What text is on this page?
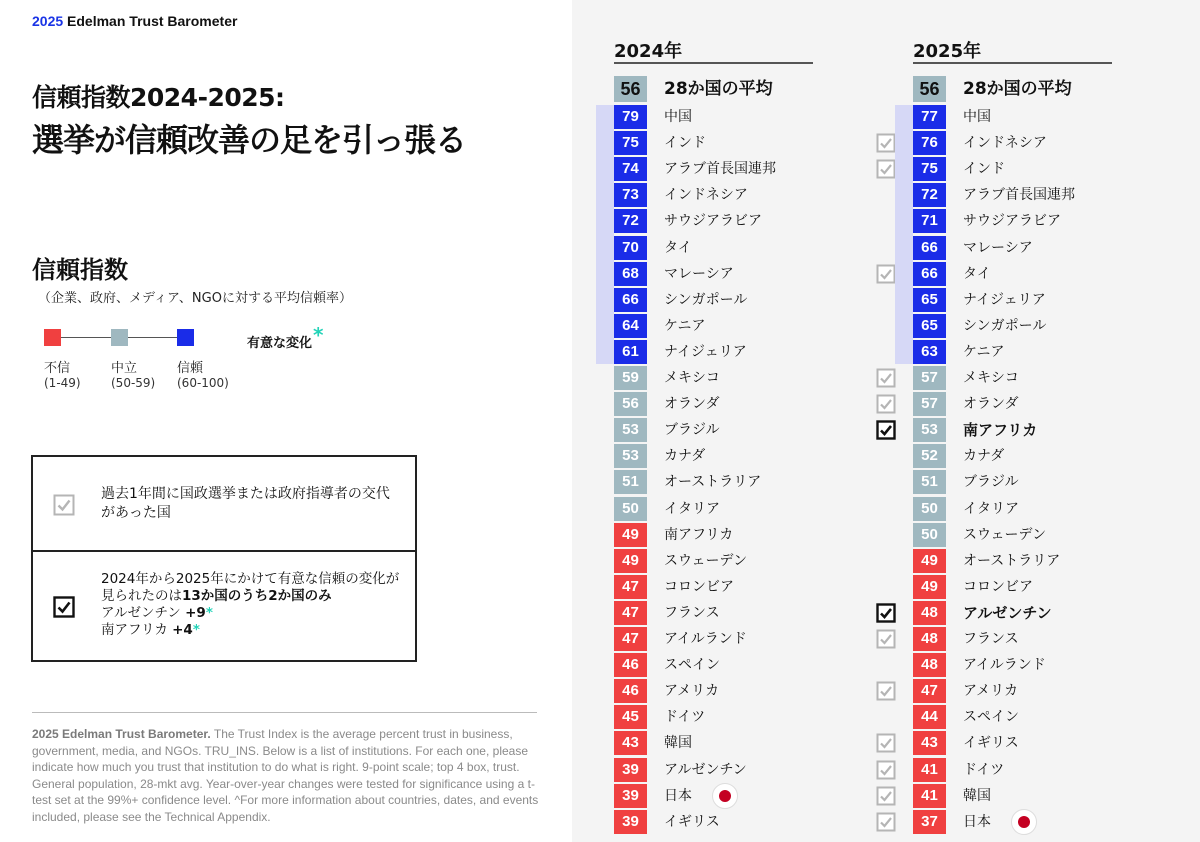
2025 Edelman Trust Barometer
信頼指数2024-2025:
選挙が信頼改善の足を引っ張る
信頼指数
（企業、政府、メディア、NGOに対する平均信頼率）
不信	中立	信頼
(1-49)	(50-59) (60-100)
有意な変化*
過去1年間に国政選挙または政府指導者の交代があった国
2024年から2025年にかけて有意な信頼の変化が見られたのは13か国のうち2か国のみ
アルゼンチン +9*
南アフリカ +4*
2025 Edelman Trust Barometer. The Trust Index is the average percent trust in business, government, media, and NGOs. TRU_INS. Below is a list of institutions. For each one, please indicate how much you trust that institution to do what is right. 9-point scale; top 4 box, trust. General population, 28-mkt avg. Year-over-year changes were tested for significance using a t-test set at the 99%+ confidence level. ^For more information about countries, dates, and events included, please see the Technical Appendix.
2024年	2025年
56	28か国の平均
79	中国
75	インド
74	アラブ首長国連邦
73	インドネシア
72	サウジアラビア
70	タイ
68	マレーシア
66	シンガポール
64	ケニア
61	ナイジェリア
59	メキシコ
56	オランダ
53	ブラジル
53	カナダ
51	オーストラリア
50	イタリア
49	南アフリカ
49	スウェーデン
47	コロンビア
47	フランス
47	アイルランド
46	スペイン
46	アメリカ
45	ドイツ
43	韓国
39	アルゼンチン
39	日本
39	イギリス
56	28か国の平均
77	中国
76	インドネシア
75	インド
72	アラブ首長国連邦
71	サウジアラビア
66	マレーシア
66	タイ
65	ナイジェリア
65	シンガポール
63	ケニア
57	メキシコ
57	オランダ
53	南アフリカ
52	カナダ
51	ブラジル
50	イタリア
50	スウェーデン
49	オーストラリア
49	コロンビア
48	アルゼンチン
48	フランス
48	アイルランド
47	アメリカ
44	スペイン
43	イギリス
41	ドイツ
41	韓国
37	日本
